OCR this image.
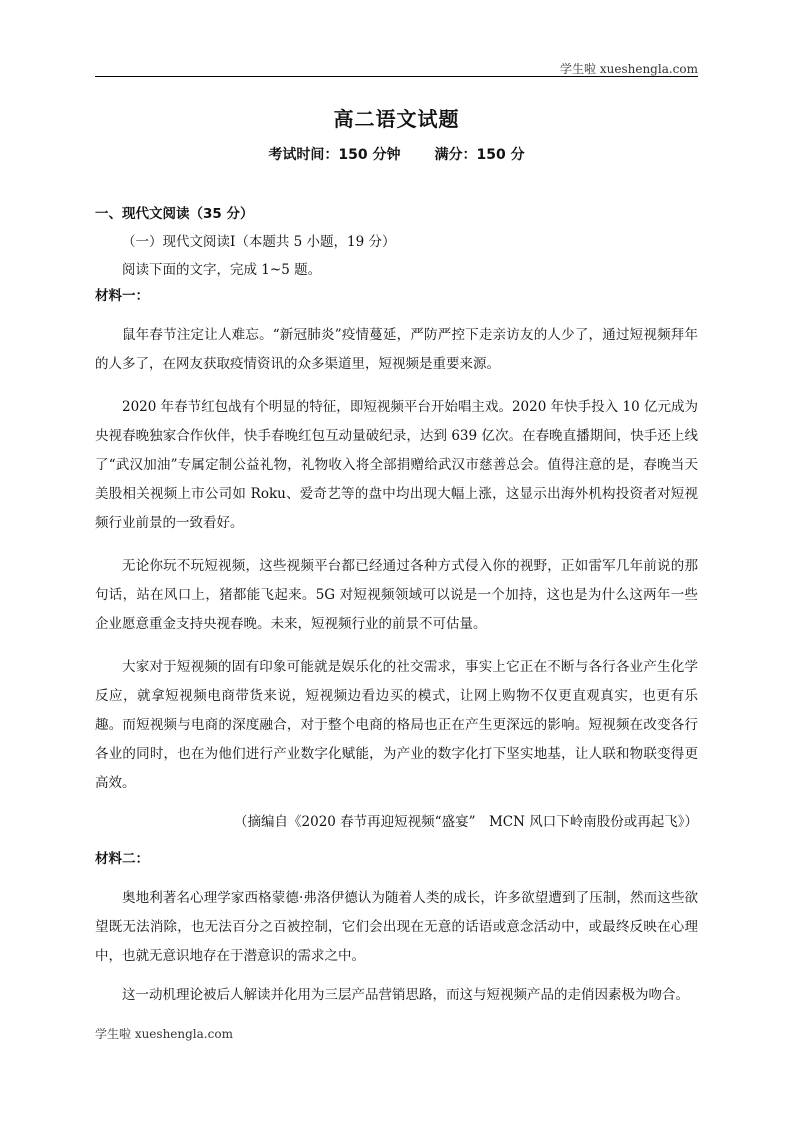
学生啦 xueshengla.com
高二语文试题
考试时间：150 分钟 满分：150 分

一、现代文阅读（35 分）

（一）现代文阅读Ⅰ（本题共 5 小题，19 分）

阅读下面的文字，完成 1~5 题。

材料一：

鼠年春节注定让人难忘。“新冠肺炎”疫情蔓延，严防严控下走亲访友的人少了，通过短视频拜年的人多了，在网友获取疫情资讯的众多渠道里，短视频是重要来源。

2020 年春节红包战有个明显的特征，即短视频平台开始唱主戏。2020 年快手投入 10 亿元成为央视春晚独家合作伙伴，快手春晚红包互动量破纪录，达到 639 亿次。在春晚直播期间，快手还上线了“武汉加油”专属定制公益礼物，礼物收入将全部捐赠给武汉市慈善总会。值得注意的是，春晚当天美股相关视频上市公司如 Roku、爱奇艺等的盘中均出现大幅上涨，这显示出海外机构投资者对短视频行业前景的一致看好。

无论你玩不玩短视频，这些视频平台都已经通过各种方式侵入你的视野，正如雷军几年前说的那句话，站在风口上，猪都能飞起来。5G 对短视频领域可以说是一个加持，这也是为什么这两年一些企业愿意重金支持央视春晚。未来，短视频行业的前景不可估量。

大家对于短视频的固有印象可能就是娱乐化的社交需求，事实上它正在不断与各行各业产生化学反应，就拿短视频电商带货来说，短视频边看边买的模式，让网上购物不仅更直观真实，也更有乐趣。而短视频与电商的深度融合，对于整个电商的格局也正在产生更深远的影响。短视频在改变各行各业的同时，也在为他们进行产业数字化赋能，为产业的数字化打下坚实地基，让人联和物联变得更高效。

（摘编自《2020 春节再迎短视频“盛宴”　MCN 风口下岭南股份或再起飞》）

材料二：

奥地利著名心理学家西格蒙德·弗洛伊德认为随着人类的成长，许多欲望遭到了压制，然而这些欲望既无法消除，也无法百分之百被控制，它们会出现在无意的话语或意念活动中，或最终反映在心理中，也就无意识地存在于潜意识的需求之中。

这一动机理论被后人解读并化用为三层产品营销思路，而这与短视频产品的走俏因素极为吻合。

学生啦 xueshengla.com
